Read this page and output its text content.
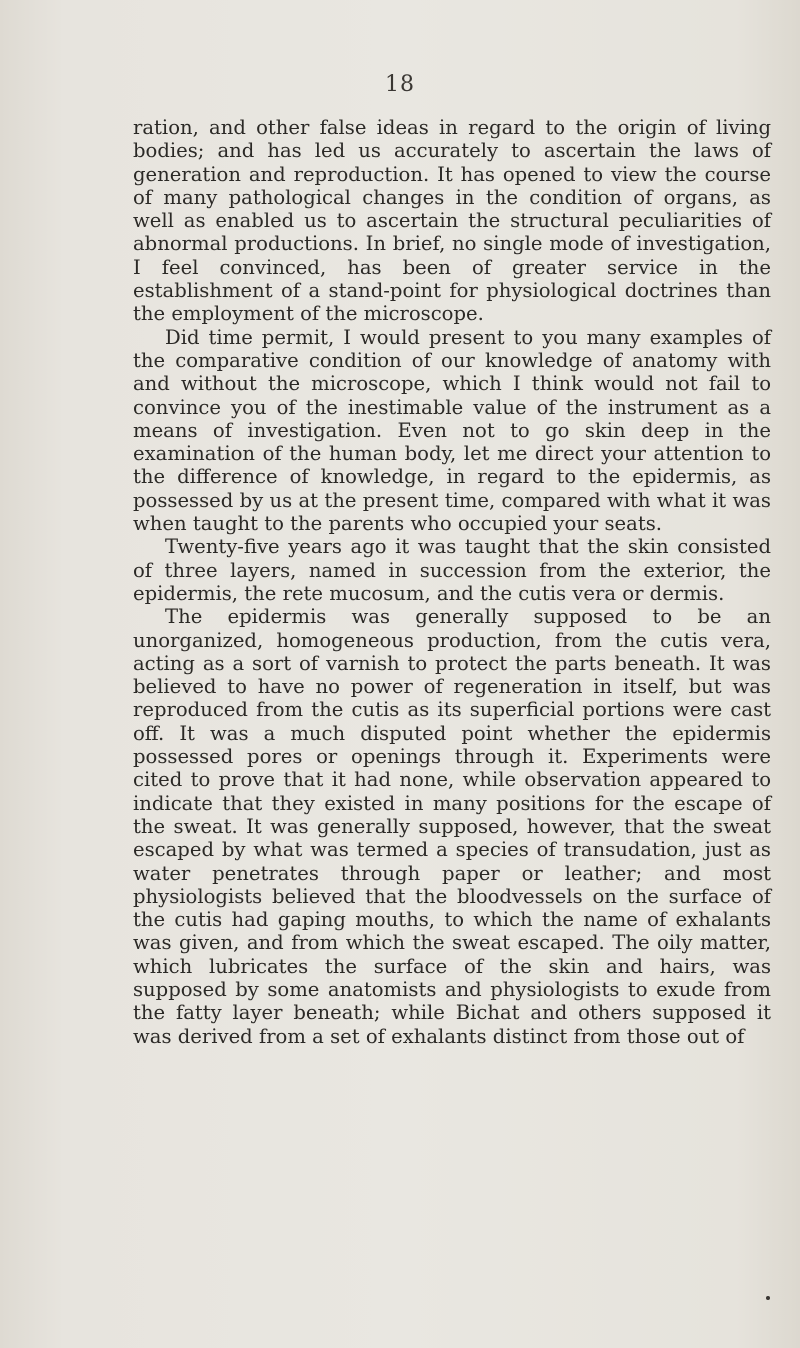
18

ration, and other false ideas in regard to the origin of living bodies; and has led us accurately to ascertain the laws of generation and reproduction. It has opened to view the course of many pathological changes in the condition of organs, as well as enabled us to ascertain the structural peculiarities of abnormal productions. In brief, no single mode of investigation, I feel convinced, has been of greater service in the establishment of a stand-point for physiological doctrines than the employment of the microscope.

Did time permit, I would present to you many examples of the comparative condition of our knowledge of anatomy with and without the microscope, which I think would not fail to convince you of the inestimable value of the instrument as a means of investigation. Even not to go skin deep in the examination of the human body, let me direct your attention to the difference of knowledge, in regard to the epidermis, as possessed by us at the present time, compared with what it was when taught to the parents who occupied your seats.

Twenty-five years ago it was taught that the skin consisted of three layers, named in succession from the exterior, the epidermis, the rete mucosum, and the cutis vera or dermis.

The epidermis was generally supposed to be an unorganized, homogeneous production, from the cutis vera, acting as a sort of varnish to protect the parts beneath. It was believed to have no power of regeneration in itself, but was reproduced from the cutis as its superficial portions were cast off. It was a much disputed point whether the epidermis possessed pores or openings through it. Experiments were cited to prove that it had none, while observation appeared to indicate that they existed in many positions for the escape of the sweat. It was generally supposed, however, that the sweat escaped by what was termed a species of transudation, just as water penetrates through paper or leather; and most physiologists believed that the bloodvessels on the surface of the cutis had gaping mouths, to which the name of exhalants was given, and from which the sweat escaped. The oily matter, which lubricates the surface of the skin and hairs, was supposed by some anatomists and physiologists to exude from the fatty layer beneath; while Bichat and others supposed it was derived from a set of exhalants distinct from those out of
